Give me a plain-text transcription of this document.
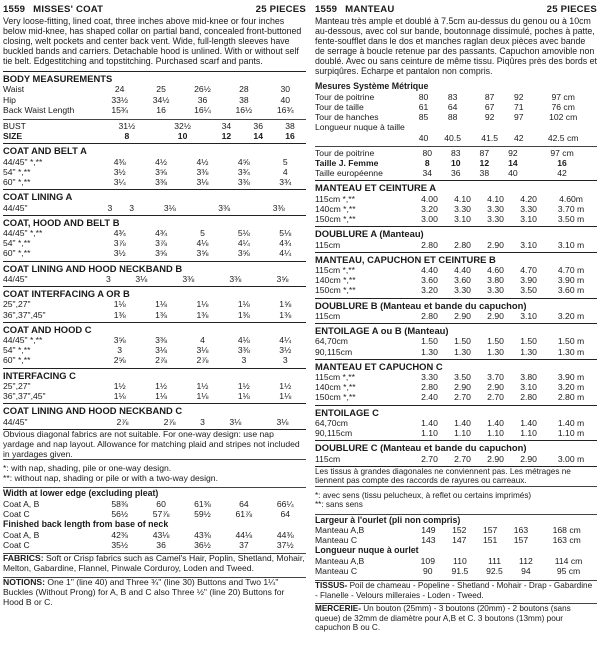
1559 MISSES' COAT	25 PIECES
Very loose-fitting, lined coat, three inches above mid-knee or four inches below mid-knee, has shaped collar on partial band, concealed front-buttoned closing, welt pockets and center back vent. Wide, full-length sleeves have buckled bands and carriers. Detachable hood is unlined. With or without self tie belt. Edgestitching and topstitching. Purchased scarf and pants.
BODY MEASUREMENTS
Waist	24	25	26½	28	30
Hip	33½	34½	36	38	40
Back Waist Length	15¾	16	16¼	16½	16¾
BUST	31½	32½	34	36	38
SIZE	8	10	12	14	16
COAT AND BELT A
44/45" *,**	4⅜	4½	4½	4⅝	5
54" *,**	3½	3⅝	3⅜	3¾	4
60" *,**	3¼	3⅜	3⅛	3⅜	3¾
COAT LINING A
44/45"	3	3	3⅛	3⅜	3⅜
COAT, HOOD AND BELT B
44/45" *,**	4¾	4¾	5	5⅛	5⅛
54" *,**	3⅞	3⅞	4⅛	4¼	4¾
60" *,**	3½	3⅝	3⅝	3⅝	4¼
COAT LINING AND HOOD NECKBAND B
44/45"	3	3⅛	3⅜	3⅜	3⅝
COAT INTERFACING A OR B
25",27"	1⅛	1⅛	1⅛	1⅛	1⅝
36",37",45"	1⅜	1⅜	1⅜	1⅜	1⅜
COAT AND HOOD C
44/45" *,**	3⅝	3⅜	4	4⅛	4¼
54" *,**	3	3⅛	3⅛	3⅜	3½
60" *,**	2⅝	2⅞	2⅞	3	3
INTERFACING C
25",27"	1½	1½	1½	1½	1½
36",37",45"	1⅛	1⅛	1⅛	1⅛	1⅛
COAT LINING AND HOOD NECKBAND C
44/45"	2⅞	2⅞	3	3⅛	3⅛
Obvious diagonal fabrics are not suitable. For one-way design: use nap yardage and nap layout. Allowance for matching plaid and stripes not included in yardages given.
*: with nap, shading, pile or one-way design.
**: without nap, shading or pile or with a two-way design.
Width at lower edge (excluding pleat)
Coat A, B	58⅜	60	61⅜	64	66¼
Coat C	56½	57⅞	59½	61⅞	64
Finished back length from base of neck
Coat A, B	42⅜	43⅛	43⅜	44⅛	44⅜
Coat C	35½	36	36½	37	37½
FABRICS: Soft or Crisp fabrics such as Camel's Hair, Poplin, Shetland, Mohair, Melton, Gabardine, Flannel, Pinwale Corduroy, Loden and Tweed.
NOTIONS: One 1" (line 40) and Three ¾" (line 30) Buttons and Two 1¼" Buckles (Without Prong) for A, B and C also Three ½" (line 20) Buttons for Hood B or C.
1559 MANTEAU	25 PIECES
Manteau très ample et doublé à 7.5cm au-dessus du genou ou à 10cm au-dessous, avec col sur bande, boutonnage dissimulé, poches à patte, fente-soufflet dans le dos et manches raglan deux pièces avec bande de serrage à boucle retenue par des passants. Capuchon amovible non doublé. Avec ou sans ceinture de même tissu. Piqûres près des bords et surpiqûres. Echarpe et pantalon non compris.
Mesures Système Métrique
Tour de poitrine	80	83	87	92	97 cm
Tour de taille	61	64	67	71	76 cm
Tour de hanches	85	88	92	97	102 cm
Longueur nuque à taille					
	40	40.5	41.5	42	42.5 cm
Tour de poitrine	80	83	87	92	97 cm
Taille J. Femme	8	10	12	14	16
Taille européenne	34	36	38	40	42
MANTEAU ET CEINTURE A
115cm *,**	4.00	4.10	4.10	4.20	4.60m
140cm *,**	3.20	3.30	3.30	3.30	3.70 m
150cm *,**	3.00	3.10	3.30	3.10	3.50 m
DOUBLURE A (Manteau)
115cm	2.80	2.80	2.90	3.10	3.10 m
MANTEAU, CAPUCHON ET CEINTURE B
115cm *,**	4.40	4.40	4.60	4.70	4.70 m
140cm *,**	3.60	3.60	3.80	3.90	3.90 m
150cm *,**	3.20	3.30	3.30	3.50	3.60 m
DOUBLURE B (Manteau et bande du capuchon)
115cm	2.80	2.90	2.90	3.10	3.20 m
ENTOILAGE A ou B (Manteau)
64,70cm	1.50	1.50	1.50	1.50	1.50 m
90,115cm	1.30	1.30	1.30	1.30	1.30 m
MANTEAU ET CAPUCHON C
115cm *,**	3.30	3.50	3.70	3.80	3.90 m
140cm *,**	2.80	2.90	2.90	3.10	3.20 m
150cm *,**	2.40	2.70	2.70	2.80	2.80 m
ENTOILAGE C
64,70cm	1.40	1.40	1.40	1.40	1.40 m
90,115cm	1.10	1.10	1.10	1.10	1.10 m
DOUBLURE C (Manteau et bande du capuchon)
115cm	2.70	2.70	2.90	2.90	3.00 m
Les tissus à grandes diagonales ne conviennent pas. Les métrages ne tiennent pas compte des raccords de rayures ou carreaux.
*: avec sens (tissu pelucheux, à reflet ou certains imprimés)
**: sans sens
Largeur à l'ourlet (pli non compris)
Manteau A,B	149	152	157	163	168 cm
Manteau C	143	147	151	157	163 cm
Longueur nuque à ourlet
Manteau A,B	109	110	111	112	114 cm
Manteau C	90	91.5	92.5	94	95 cm
TISSUS- Poil de chameau - Popeline - Shetland - Mohair - Drap - Gabardine - Flanelle - Velours milleraies - Loden - Tweed.
MERCERIE- Un bouton (25mm) - 3 boutons (20mm) - 2 boutons (sans queue) de 32mm de diamètre pour A,B et C. 3 boutons (13mm) pour capuchon B ou C.
